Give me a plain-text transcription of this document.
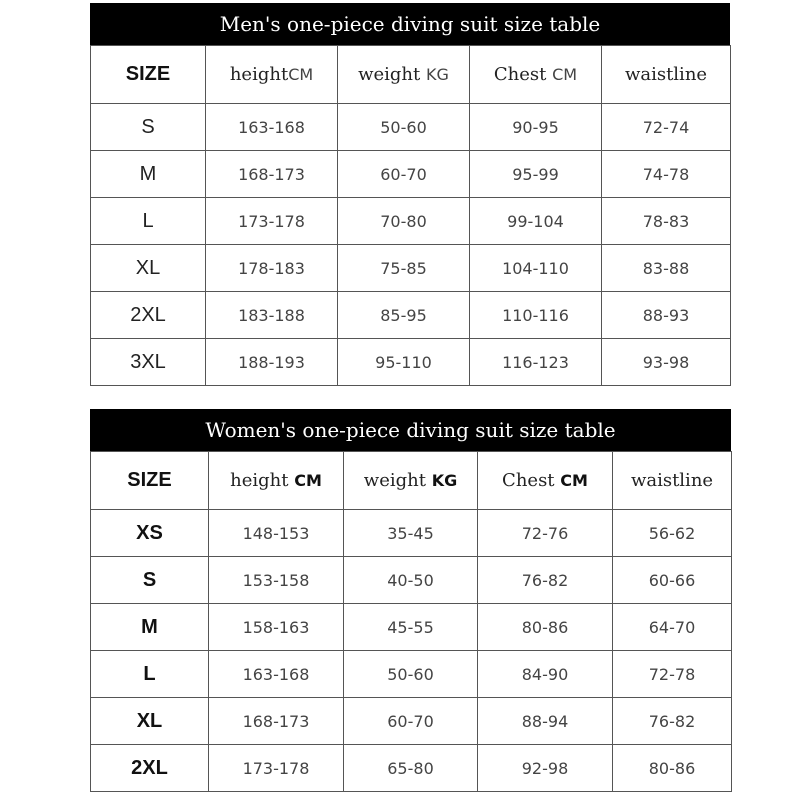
Men's one-piece diving suit size table
SIZE	heightCM	weight KG	Chest CM	waistline
S	163-168	50-60	90-95	72-74
M	168-173	60-70	95-99	74-78
L	173-178	70-80	99-104	78-83
XL	178-183	75-85	104-110	83-88
2XL	183-188	85-95	110-116	88-93
3XL	188-193	95-110	116-123	93-98
Women's one-piece diving suit size table
SIZE	height CM	weight KG	Chest CM	waistline
XS	148-153	35-45	72-76	56-62
S	153-158	40-50	76-82	60-66
M	158-163	45-55	80-86	64-70
L	163-168	50-60	84-90	72-78
XL	168-173	60-70	88-94	76-82
2XL	173-178	65-80	92-98	80-86
